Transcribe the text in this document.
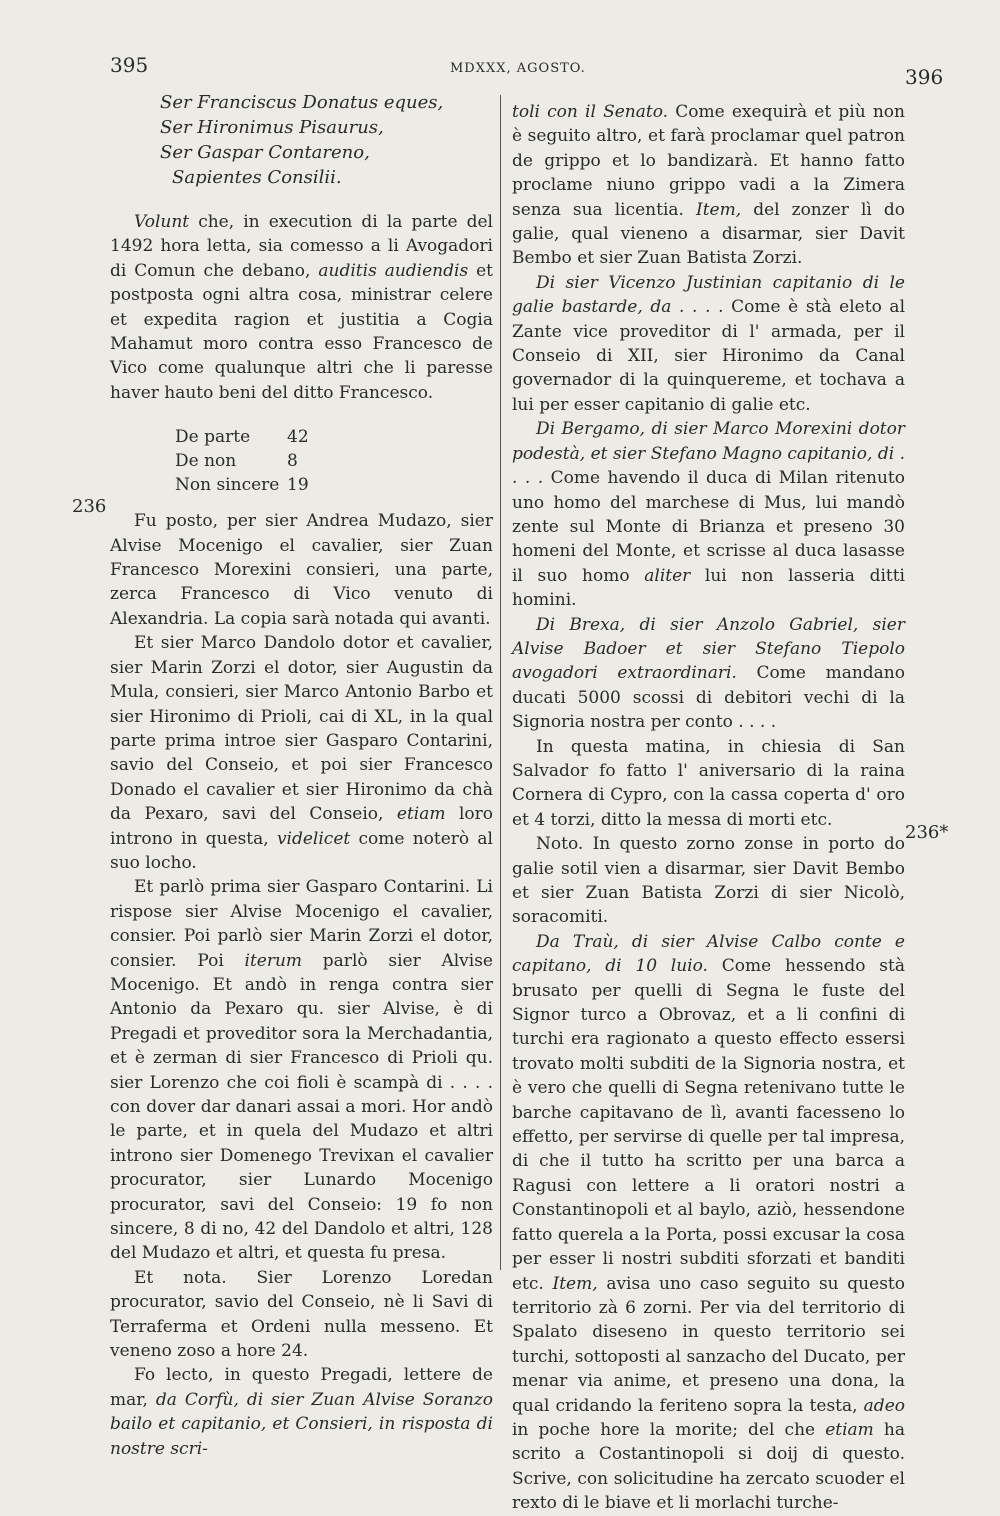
395	MDXXX, AGOSTO.	396
236
236*
Ser Franciscus Donatus eques,
Ser Hironimus Pisaurus,
Ser Gaspar Contareno,
Sapientes Consilii.

Volunt che, in execution di la parte del 1492 hora letta, sia comesso a li Avogadori di Comun che debano, auditis audiendis et postposta ogni altra cosa, ministrar celere et expedita ragion et justitia a Cogia Mahamut moro contra esso Francesco de Vico come qualunque altri che li paresse haver hauto beni del ditto Francesco.

De parte	42
De non	8
Non sincere 19

Fu posto, per sier Andrea Mudazo, sier Alvise Mocenigo el cavalier, sier Zuan Francesco Morexini consieri, una parte, zerca Francesco di Vico venuto di Alexandria. La copia sarà notada qui avanti.

Et sier Marco Dandolo dotor et cavalier, sier Marin Zorzi el dotor, sier Augustin da Mula, consieri, sier Marco Antonio Barbo et sier Hironimo di Prioli, cai di XL, in la qual parte prima introe sier Gasparo Contarini, savio del Conseio, et poi sier Francesco Donado el cavalier et sier Hironimo da chà da Pexaro, savi del Conseio, etiam loro introno in questa, videlicet come noterò al suo locho.

Et parlò prima sier Gasparo Contarini. Li rispose sier Alvise Mocenigo el cavalier, consier. Poi parlò sier Marin Zorzi el dotor, consier. Poi iterum parlò sier Alvise Mocenigo. Et andò in renga contra sier Antonio da Pexaro qu. sier Alvise, è di Pregadi et proveditor sora la Merchadantia, et è zerman di sier Francesco di Prioli qu. sier Lorenzo che coi fioli è scampà di . . . . con dover dar danari assai a mori. Hor andò le parte, et in quela del Mudazo et altri introno sier Domenego Trevixan el cavalier procurator, sier Lunardo Mocenigo procurator, savi del Conseio: 19 fo non sincere, 8 di no, 42 del Dandolo et altri, 128 del Mudazo et altri, et questa fu presa.

Et nota. Sier Lorenzo Loredan procurator, savio del Conseio, nè li Savi di Terraferma et Ordeni nulla messeno. Et veneno zoso a hore 24.

Fo lecto, in questo Pregadi, lettere de mar, da Corfù, di sier Zuan Alvise Soranzo bailo et capitanio, et Consieri, in risposta di nostre scri-

toli con il Senato. Come exequirà et più non è seguito altro, et farà proclamar quel patron de grippo et lo bandizarà. Et hanno fatto proclame niuno grippo vadi a la Zimera senza sua licentia. Item, del zonzer lì do galie, qual vieneno a disarmar, sier Davit Bembo et sier Zuan Batista Zorzi.

Di sier Vicenzo Justinian capitanio di le galie bastarde, da . . . . Come è stà eleto al Zante vice proveditor di l' armada, per il Conseio di XII, sier Hironimo da Canal governador di la quinquereme, et tochava a lui per esser capitanio di galie etc.

Di Bergamo, di sier Marco Morexini dotor podestà, et sier Stefano Magno capitanio, di . . . . Come havendo il duca di Milan ritenuto uno homo del marchese di Mus, lui mandò zente sul Monte di Brianza et preseno 30 homeni del Monte, et scrisse al duca lasasse il suo homo aliter lui non lasseria ditti homini.

Di Brexa, di sier Anzolo Gabriel, sier Alvise Badoer et sier Stefano Tiepolo avogadori extraordinari. Come mandano ducati 5000 scossi di debitori vechi di la Signoria nostra per conto . . . .

In questa matina, in chiesia di San Salvador fo fatto l' aniversario di la raina Cornera di Cypro, con la cassa coperta d' oro et 4 torzi, ditto la messa di morti etc.

Noto. In questo zorno zonse in porto do galie sotil vien a disarmar, sier Davit Bembo et sier Zuan Batista Zorzi di sier Nicolò, soracomiti.

Da Traù, di sier Alvise Calbo conte e capitano, di 10 luio. Come hessendo stà brusato per quelli di Segna le fuste del Signor turco a Obrovaz, et a li confini di turchi era ragionato a questo effecto essersi trovato molti subditi de la Signoria nostra, et è vero che quelli di Segna retenivano tutte le barche capitavano de lì, avanti facesseno lo effetto, per servirse di quelle per tal impresa, di che il tutto ha scritto per una barca a Ragusi con lettere a li oratori nostri a Constantinopoli et al baylo, aziò, hessendone fatto querela a la Porta, possi excusar la cosa per esser li nostri subditi sforzati et banditi etc. Item, avisa uno caso seguito su questo territorio zà 6 zorni. Per via del territorio di Spalato diseseno in questo territorio sei turchi, sottoposti al sanzacho del Ducato, per menar via anime, et preseno una dona, la qual cridando la feriteno sopra la testa, adeo in poche hore la morite; del che etiam ha scrito a Costantinopoli si doij di questo. Scrive, con solicitudine ha zercato scuoder el rexto di le biave et li morlachi turche-
